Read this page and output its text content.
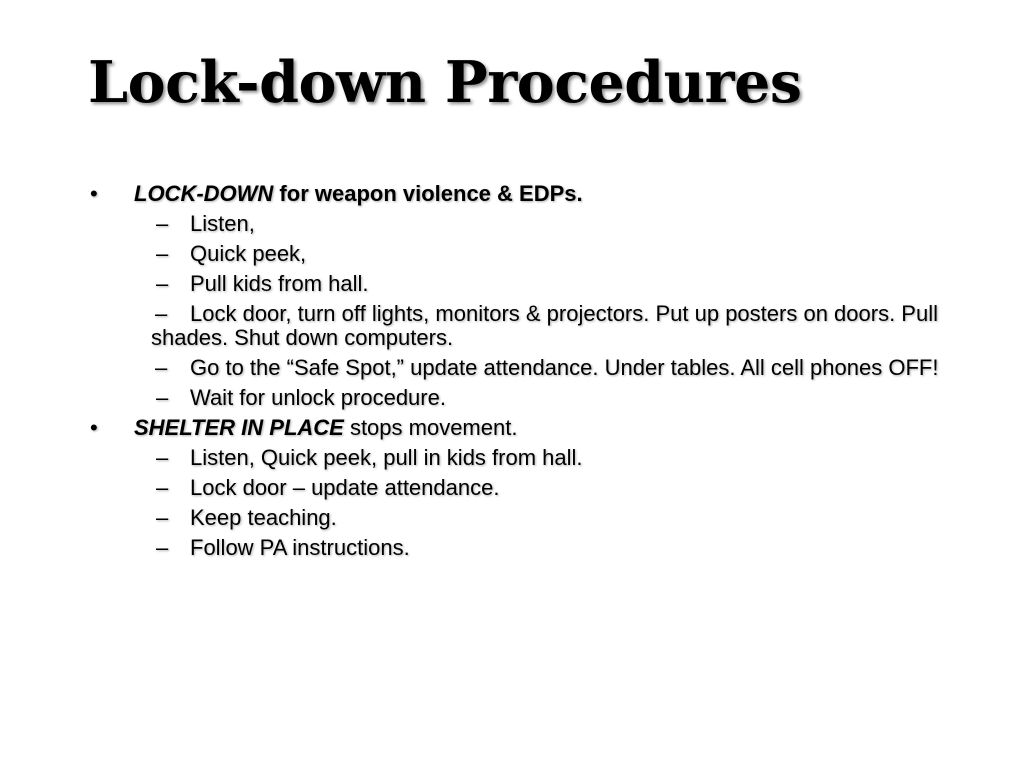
Lock-down Procedures

• LOCK-DOWN for weapon violence & EDPs.

– Listen,

– Quick peek,

– Pull kids from hall.

– Lock door, turn off lights, monitors & projectors. Put up posters on doors. Pull shades. Shut down computers.

– Go to the “Safe Spot,” update attendance. Under tables. All cell phones OFF!

– Wait for unlock procedure.

• SHELTER IN PLACE stops movement.

– Listen, Quick peek, pull in kids from hall.

– Lock door – update attendance.

– Keep teaching.

– Follow PA instructions.
